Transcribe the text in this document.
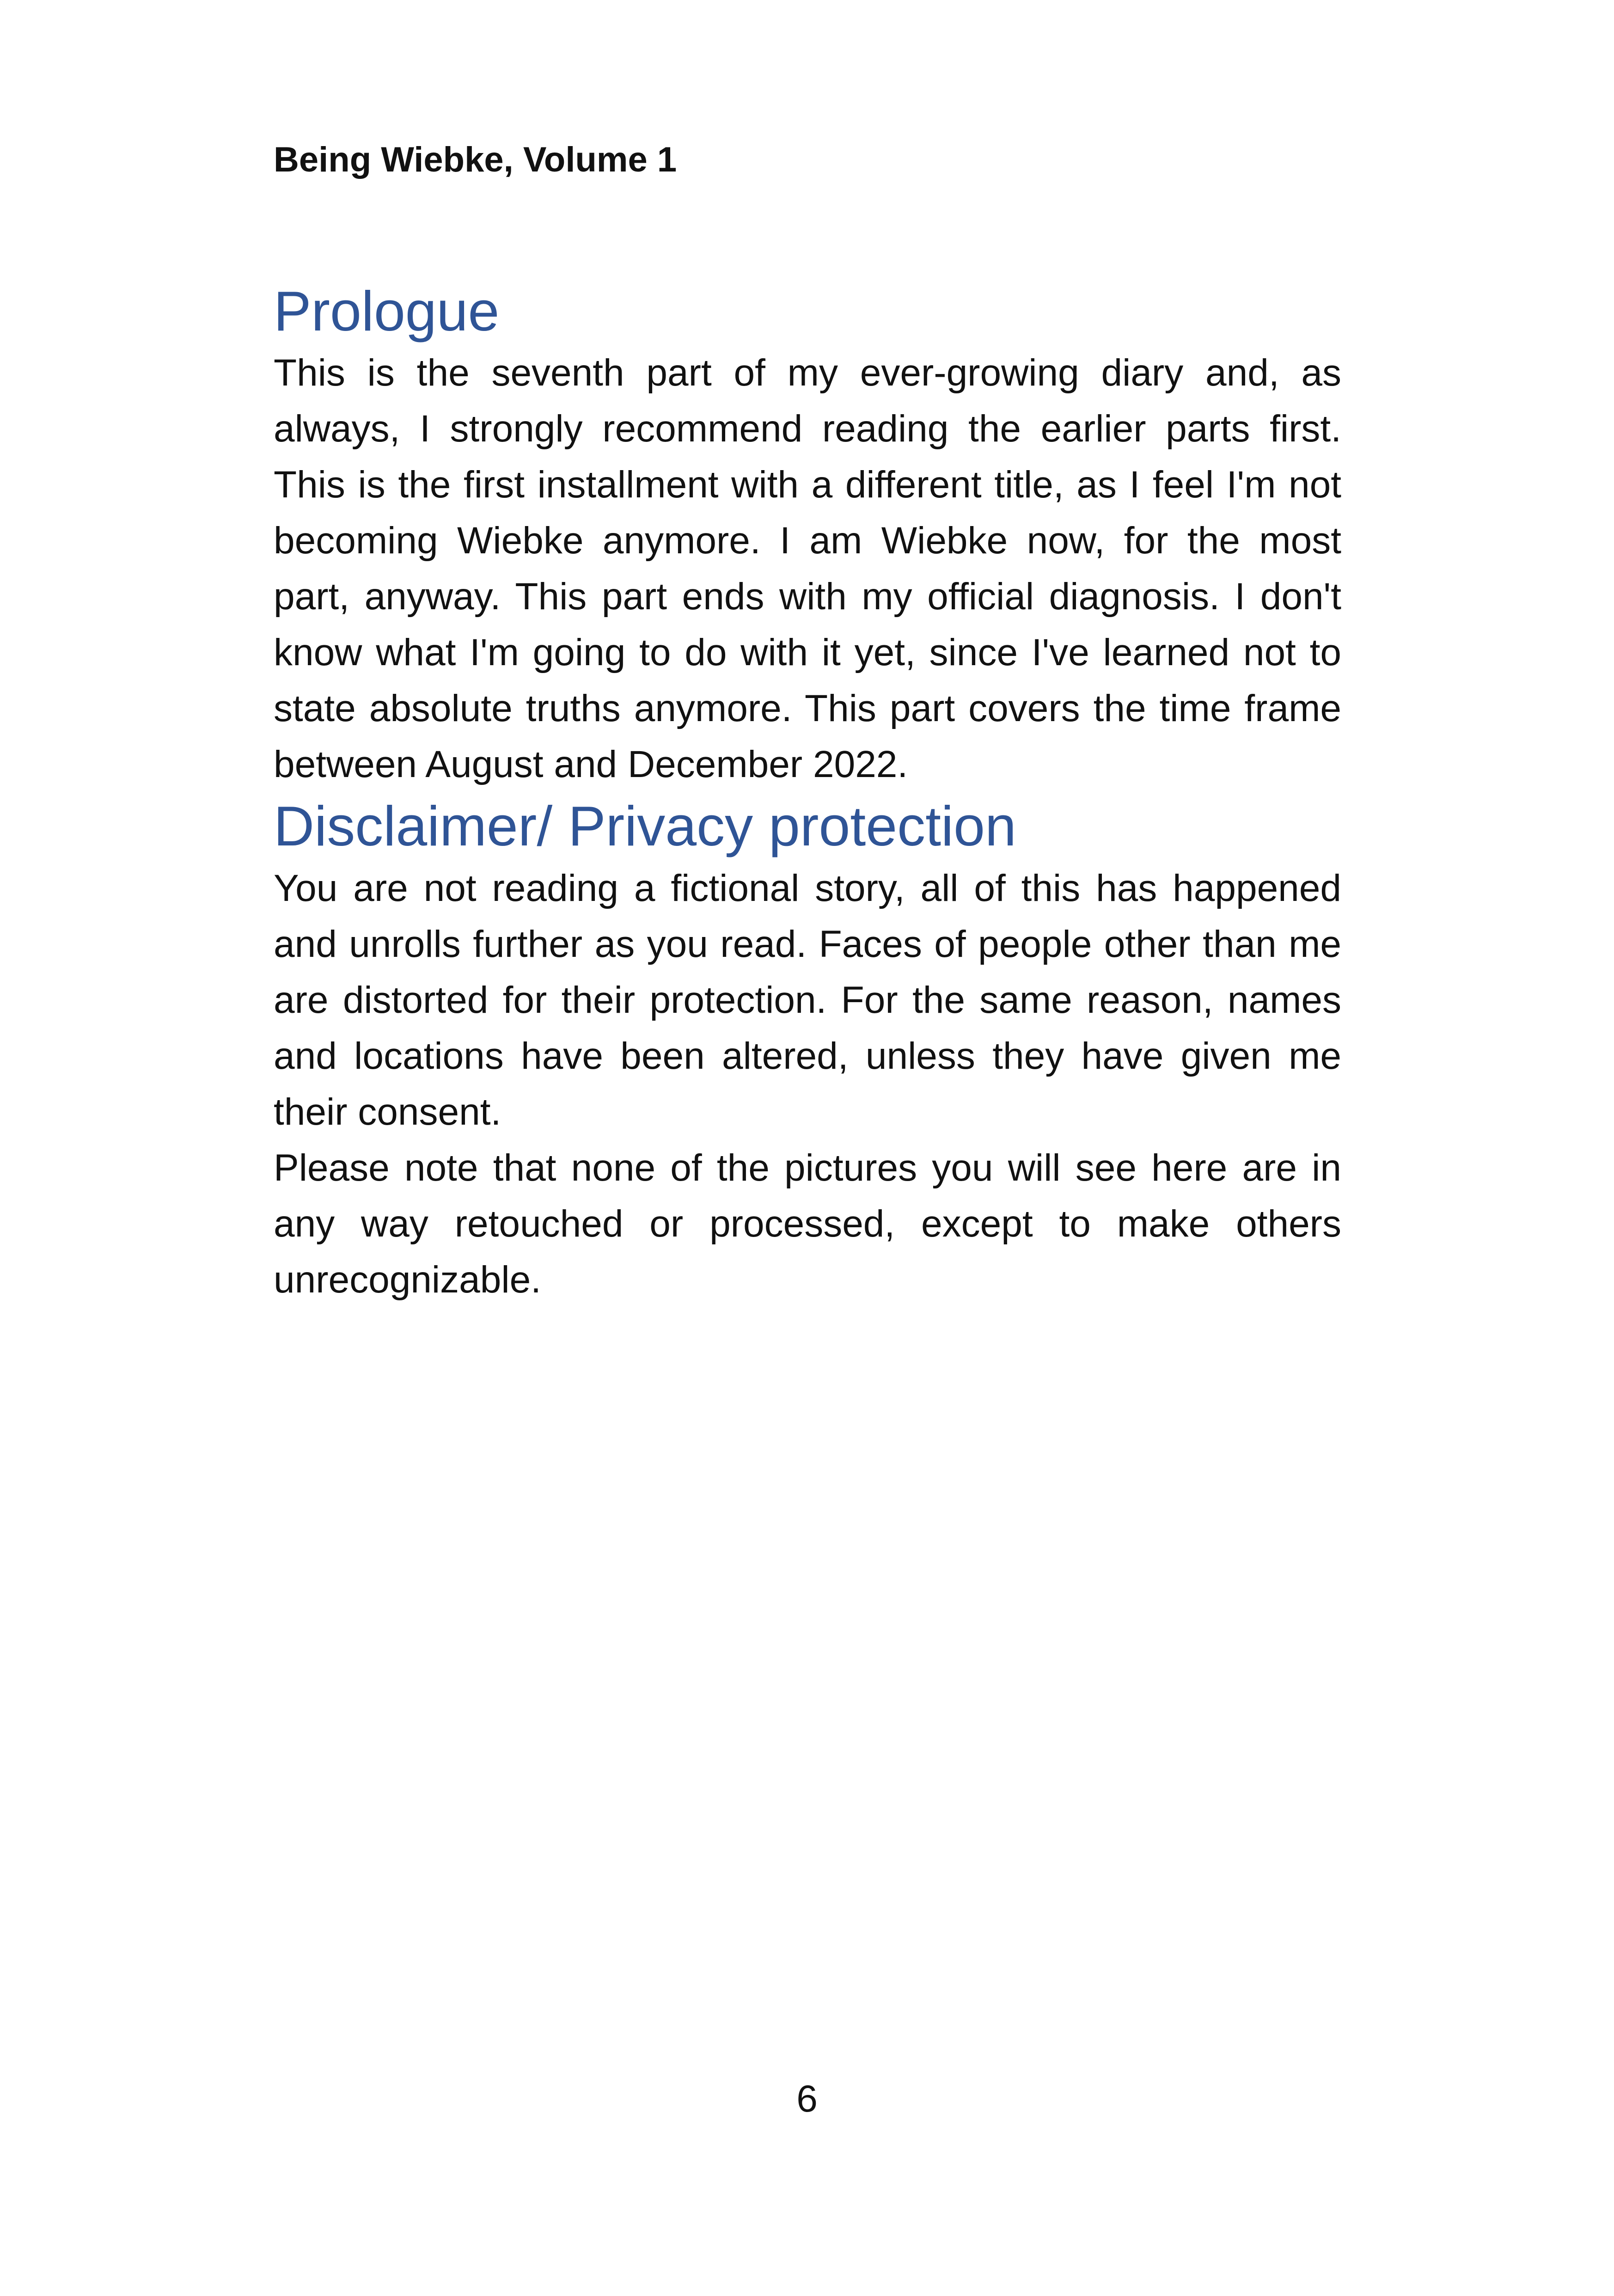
Being Wiebke, Volume 1
Prologue

This is the seventh part of my ever-growing diary and, as always, I strongly recommend reading the earlier parts first. This is the first installment with a different title, as I feel I'm not becoming Wiebke anymore. I am Wiebke now, for the most part, anyway. This part ends with my official diagnosis. I don't know what I'm going to do with it yet, since I've learned not to state absolute truths anymore. This part covers the time frame between August and December 2022.

Disclaimer/ Privacy protection

You are not reading a fictional story, all of this has happened and unrolls further as you read. Faces of people other than me are distorted for their protection. For the same reason, names and locations have been altered, unless they have given me their consent.

Please note that none of the pictures you will see here are in any way retouched or processed, except to make others unrecognizable.

6
